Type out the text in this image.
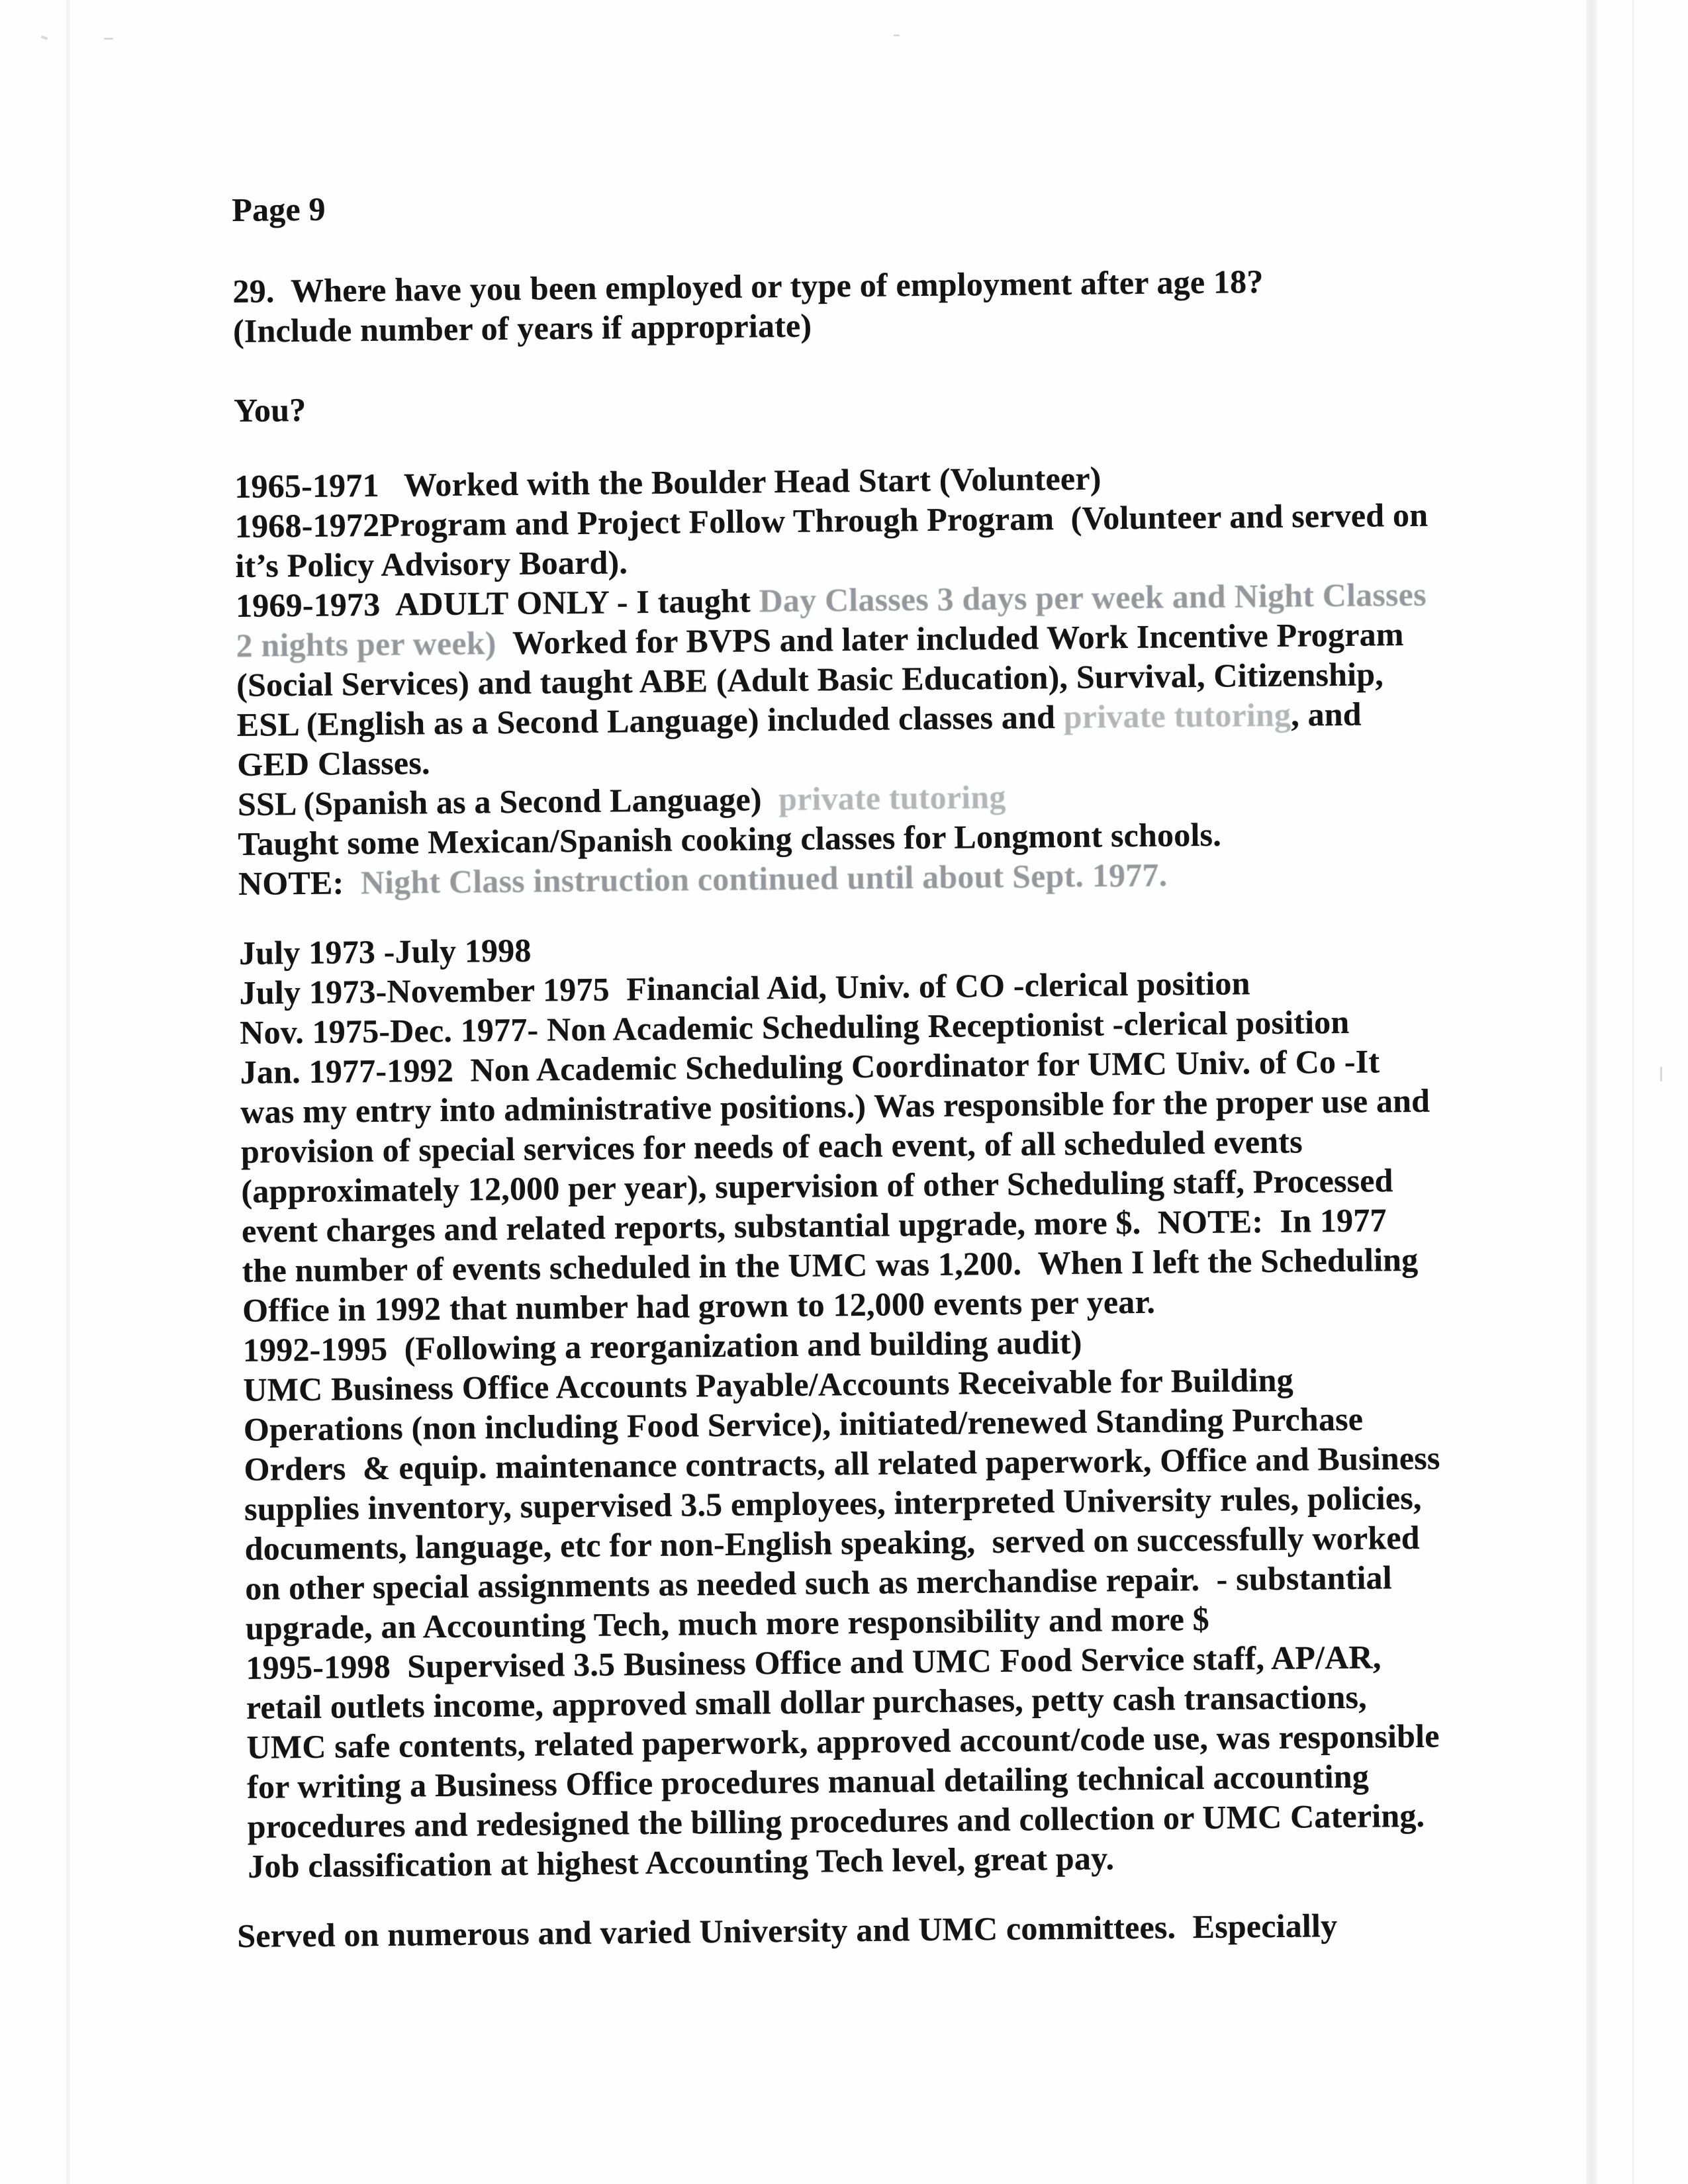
Page 9
29.  Where have you been employed or type of employment after age 18?
(Include number of years if appropriate)
You?
1965-1971   Worked with the Boulder Head Start (Volunteer)
1968-1972Program and Project Follow Through Program  (Volunteer and served on
it’s Policy Advisory Board).
1969-1973  ADULT ONLY - I taught Day Classes 3 days per week and Night Classes
2 nights per week)  Worked for BVPS and later included Work Incentive Program
(Social Services) and taught ABE (Adult Basic Education), Survival, Citizenship,
ESL (English as a Second Language) included classes and private tutoring, and
GED Classes.
SSL (Spanish as a Second Language)  private tutoring
Taught some Mexican/Spanish cooking classes for Longmont schools.
NOTE:  Night Class instruction continued until about Sept. 1977.
July 1973 -July 1998
July 1973-November 1975  Financial Aid, Univ. of CO -clerical position
Nov. 1975-Dec. 1977- Non Academic Scheduling Receptionist -clerical position
Jan. 1977-1992  Non Academic Scheduling Coordinator for UMC Univ. of Co -It
was my entry into administrative positions.) Was responsible for the proper use and
provision of special services for needs of each event, of all scheduled events
(approximately 12,000 per year), supervision of other Scheduling staff, Processed
event charges and related reports, substantial upgrade, more $.  NOTE:  In 1977
the number of events scheduled in the UMC was 1,200.  When I left the Scheduling
Office in 1992 that number had grown to 12,000 events per year.
1992-1995  (Following a reorganization and building audit)
UMC Business Office Accounts Payable/Accounts Receivable for Building
Operations (non including Food Service), initiated/renewed Standing Purchase
Orders  & equip. maintenance contracts, all related paperwork, Office and Business
supplies inventory, supervised 3.5 employees, interpreted University rules, policies,
documents, language, etc for non-English speaking,  served on successfully worked
on other special assignments as needed such as merchandise repair.  - substantial
upgrade, an Accounting Tech, much more responsibility and more $
1995-1998  Supervised 3.5 Business Office and UMC Food Service staff, AP/AR,
retail outlets income, approved small dollar purchases, petty cash transactions,
UMC safe contents, related paperwork, approved account/code use, was responsible
for writing a Business Office procedures manual detailing technical accounting
procedures and redesigned the billing procedures and collection or UMC Catering.
Job classification at highest Accounting Tech level, great pay.
Served on numerous and varied University and UMC committees.  Especially
